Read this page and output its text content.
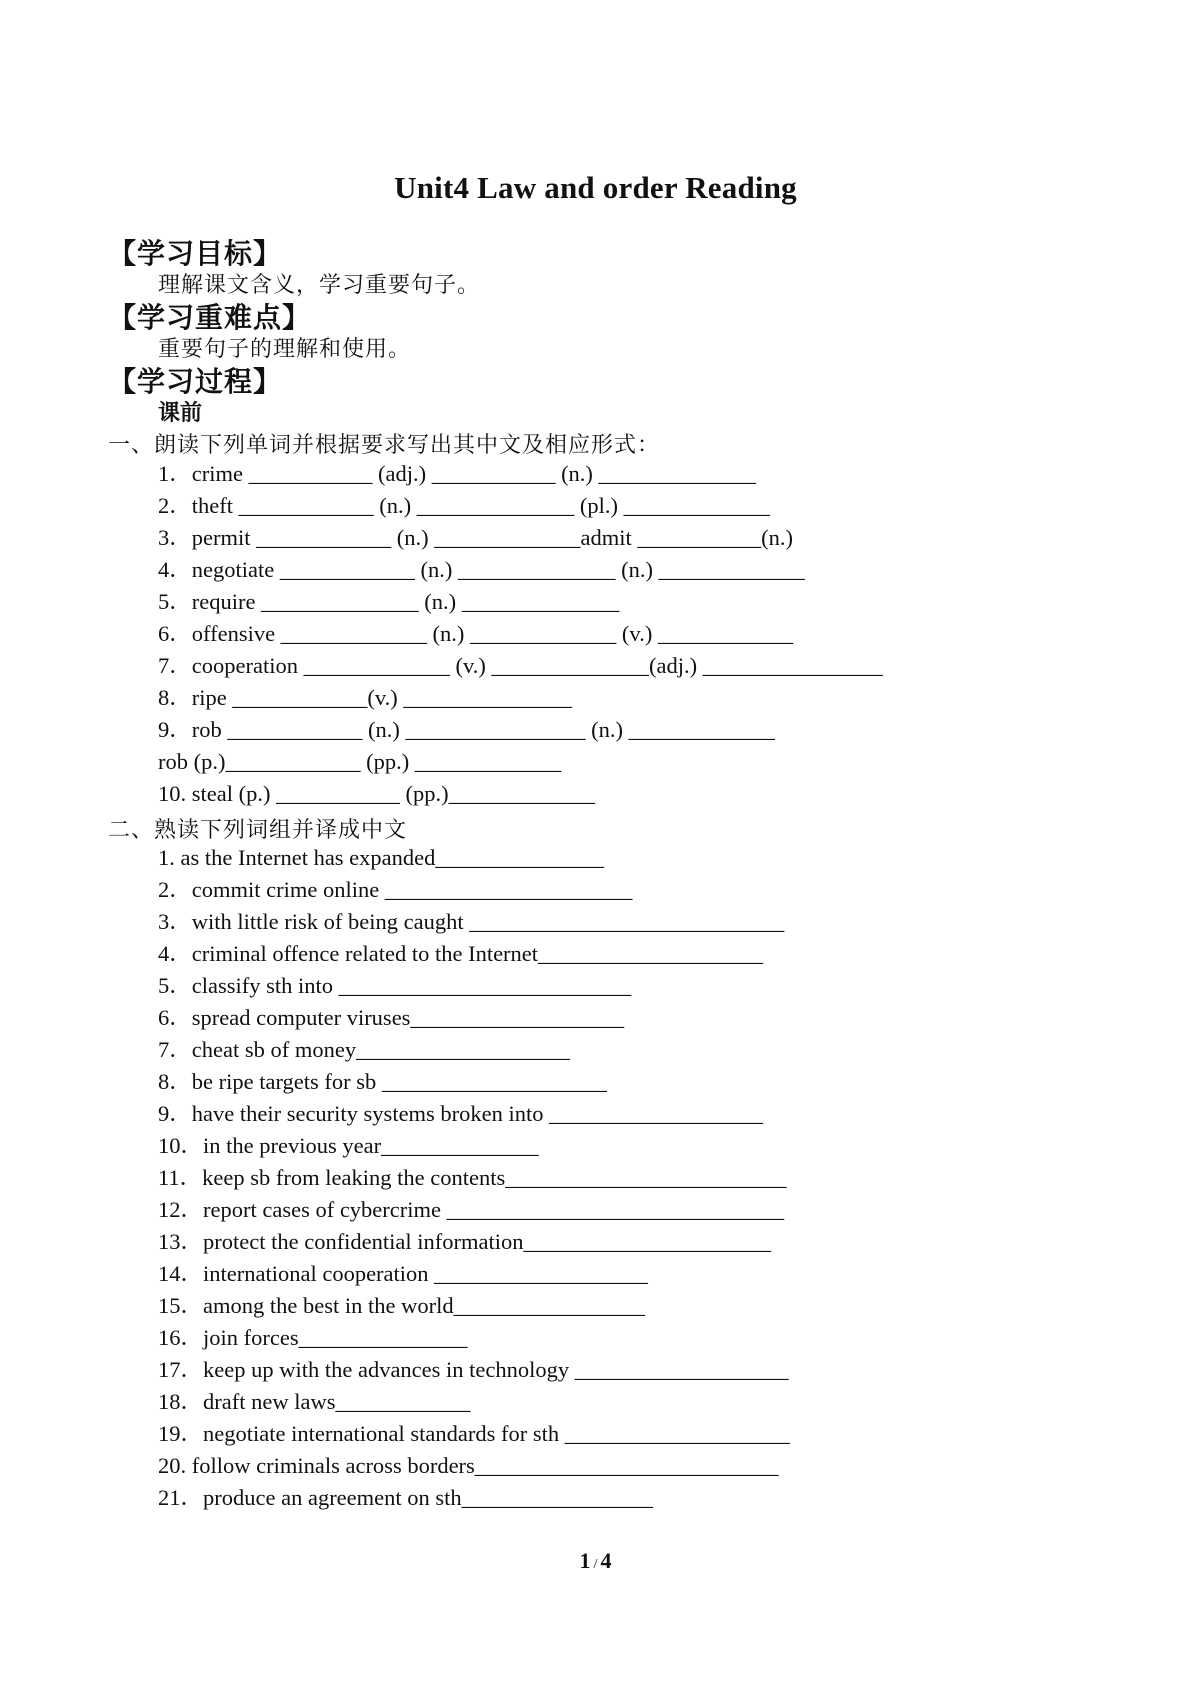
Unit4 Law and order Reading
【学习目标】
理解课文含义，学习重要句子。
【学习重难点】
重要句子的理解和使用。
【学习过程】
课前
一、朗读下列单词并根据要求写出其中文及相应形式：
1．crime ___________ (adj.) ___________ (n.) ______________
2．theft ____________ (n.) ______________ (pl.) _____________
3．permit ____________ (n.) _____________admit ___________(n.)
4．negotiate ____________ (n.) ______________ (n.) _____________
5．require ______________ (n.) ______________
6．offensive _____________ (n.) _____________ (v.) ____________
7．cooperation _____________ (v.) ______________(adj.) ________________
8．ripe ____________(v.) _______________
9．rob ____________ (n.) ________________ (n.) _____________
rob (p.)____________ (pp.) _____________
10. steal (p.) ___________ (pp.)_____________
二、熟读下列词组并译成中文
1. as the Internet has expanded_______________
2．commit crime online ______________________
3．with little risk of being caught ____________________________
4．criminal offence related to the Internet____________________
5．classify sth into __________________________
6．spread computer viruses___________________
7．cheat sb of money___________________
8．be ripe targets for sb ____________________
9．have their security systems broken into ___________________
10．in the previous year______________
11．keep sb from leaking the contents_________________________
12．report cases of cybercrime ______________________________
13．protect the confidential information______________________
14．international cooperation ___________________
15．among the best in the world_________________
16．join forces_______________
17．keep up with the advances in technology ___________________
18．draft new laws____________
19．negotiate international standards for sth ____________________
20. follow criminals across borders___________________________
21．produce an agreement on sth_________________
1 / 4
